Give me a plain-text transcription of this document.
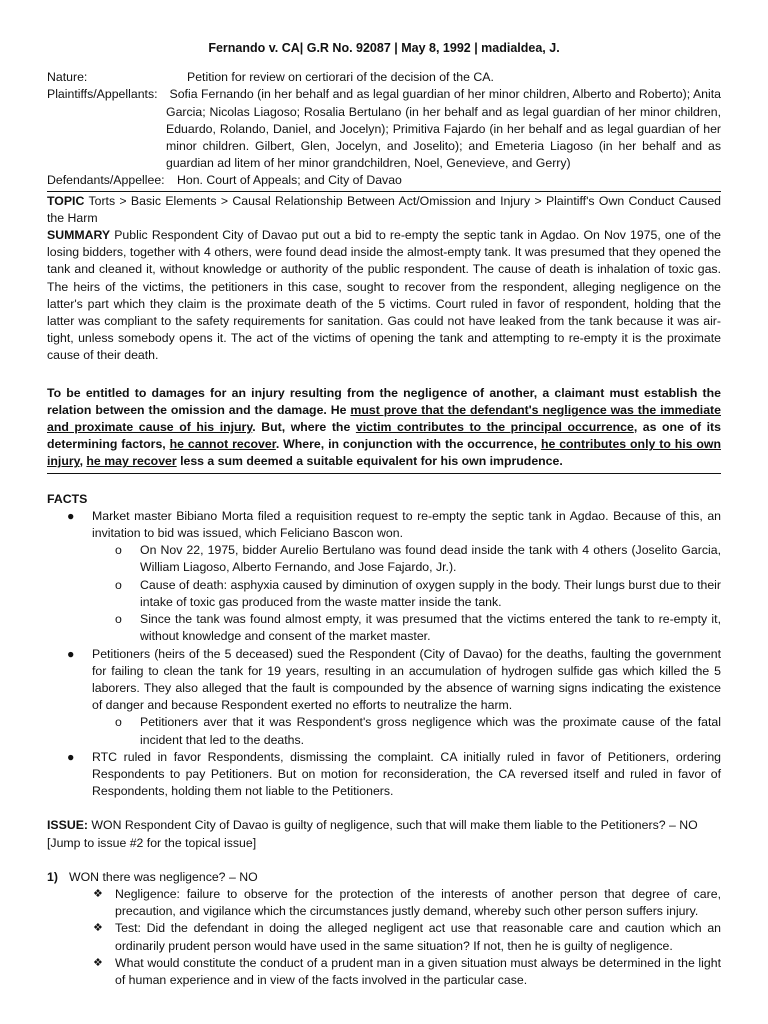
Fernando v. CA| G.R No. 92087 | May 8, 1992 | madialdea, J.
Nature:	Petition for review on certiorari of the decision of the CA.
Plaintiffs/Appellants: Sofia Fernando (in her behalf and as legal guardian of her minor children, Alberto and Roberto); Anita Garcia; Nicolas Liagoso; Rosalia Bertulano (in her behalf and as legal guardian of her minor children, Eduardo, Rolando, Daniel, and Jocelyn); Primitiva Fajardo (in her behalf and as legal guardian of her minor children. Gilbert, Glen, Jocelyn, and Joselito); and Emeteria Liagoso (in her behalf and as guardian ad litem of her minor grandchildren, Noel, Genevieve, and Gerry)
Defendants/Appellee:	Hon. Court of Appeals; and City of Davao
TOPIC Torts > Basic Elements > Causal Relationship Between Act/Omission and Injury > Plaintiff's Own Conduct Caused the Harm
SUMMARY Public Respondent City of Davao put out a bid to re-empty the septic tank in Agdao. On Nov 1975, one of the losing bidders, together with 4 others, were found dead inside the almost-empty tank. It was presumed that they opened the tank and cleaned it, without knowledge or authority of the public respondent. The cause of death is inhalation of toxic gas. The heirs of the victims, the petitioners in this case, sought to recover from the respondent, alleging negligence on the latter's part which they claim is the proximate death of the 5 victims. Court ruled in favor of respondent, holding that the latter was compliant to the safety requirements for sanitation. Gas could not have leaked from the tank because it was air-tight, unless somebody opens it. The act of the victims of opening the tank and attempting to re-empty it is the proximate cause of their death.
To be entitled to damages for an injury resulting from the negligence of another, a claimant must establish the relation between the omission and the damage. He must prove that the defendant's negligence was the immediate and proximate cause of his injury. But, where the victim contributes to the principal occurrence, as one of its determining factors, he cannot recover. Where, in conjunction with the occurrence, he contributes only to his own injury, he may recover less a sum deemed a suitable equivalent for his own imprudence.
FACTS
● Market master Bibiano Morta filed a requisition request to re-empty the septic tank in Agdao. Because of this, an invitation to bid was issued, which Feliciano Bascon won.
o On Nov 22, 1975, bidder Aurelio Bertulano was found dead inside the tank with 4 others (Joselito Garcia, William Liagoso, Alberto Fernando, and Jose Fajardo, Jr.).
o Cause of death: asphyxia caused by diminution of oxygen supply in the body. Their lungs burst due to their intake of toxic gas produced from the waste matter inside the tank.
o Since the tank was found almost empty, it was presumed that the victims entered the tank to re-empty it, without knowledge and consent of the market master.
● Petitioners (heirs of the 5 deceased) sued the Respondent (City of Davao) for the deaths, faulting the government for failing to clean the tank for 19 years, resulting in an accumulation of hydrogen sulfide gas which killed the 5 laborers. They also alleged that the fault is compounded by the absence of warning signs indicating the existence of danger and because Respondent exerted no efforts to neutralize the harm.
o Petitioners aver that it was Respondent's gross negligence which was the proximate cause of the fatal incident that led to the deaths.
● RTC ruled in favor Respondents, dismissing the complaint. CA initially ruled in favor of Petitioners, ordering Respondents to pay Petitioners. But on motion for reconsideration, the CA reversed itself and ruled in favor of Respondents, holding them not liable to the Petitioners.
ISSUE: WON Respondent City of Davao is guilty of negligence, such that will make them liable to the Petitioners? – NO
[Jump to issue #2 for the topical issue]
1) WON there was negligence? – NO
❖ Negligence: failure to observe for the protection of the interests of another person that degree of care, precaution, and vigilance which the circumstances justly demand, whereby such other person suffers injury.
❖ Test: Did the defendant in doing the alleged negligent act use that reasonable care and caution which an ordinarily prudent person would have used in the same situation? If not, then he is guilty of negligence.
❖ What would constitute the conduct of a prudent man in a given situation must always be determined in the light of human experience and in view of the facts involved in the particular case.
